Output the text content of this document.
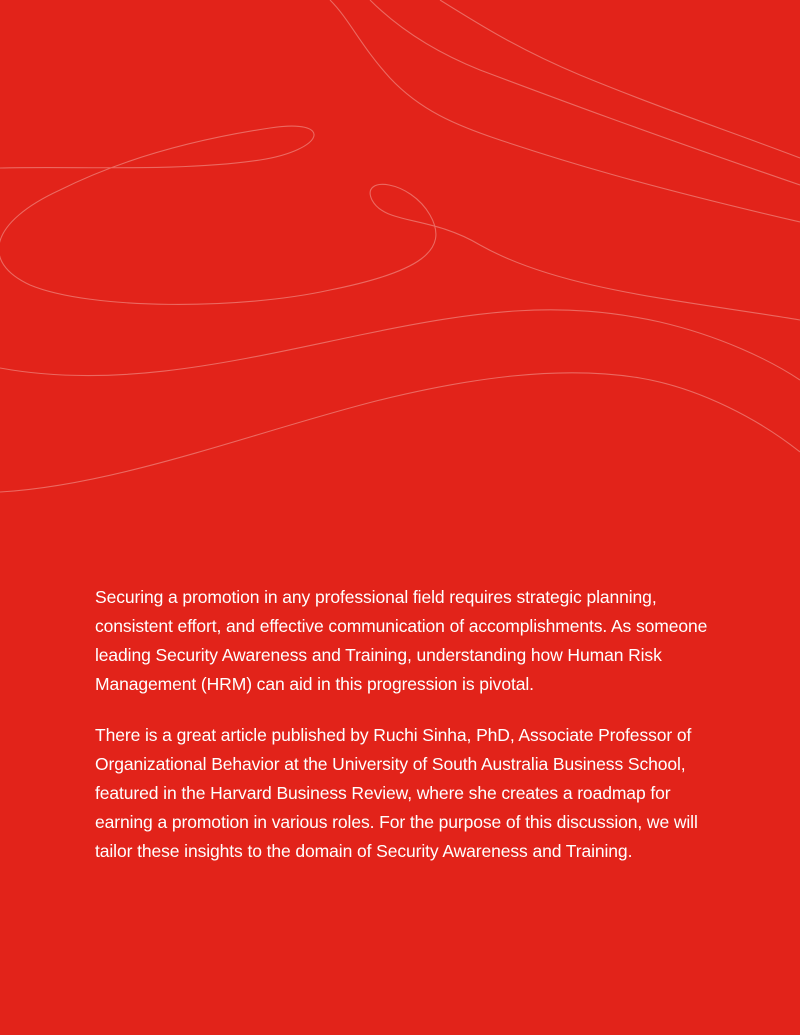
Securing a promotion in any professional field requires strategic planning, consistent effort, and effective communication of accomplishments. As someone leading Security Awareness and Training, understanding how Human Risk Management (HRM) can aid in this progression is pivotal.

There is a great article published by Ruchi Sinha, PhD, Associate Professor of Organizational Behavior at the University of South Australia Business School, featured in the Harvard Business Review, where she creates a roadmap for earning a promotion in various roles. For the purpose of this discussion, we will tailor these insights to the domain of Security Awareness and Training.
